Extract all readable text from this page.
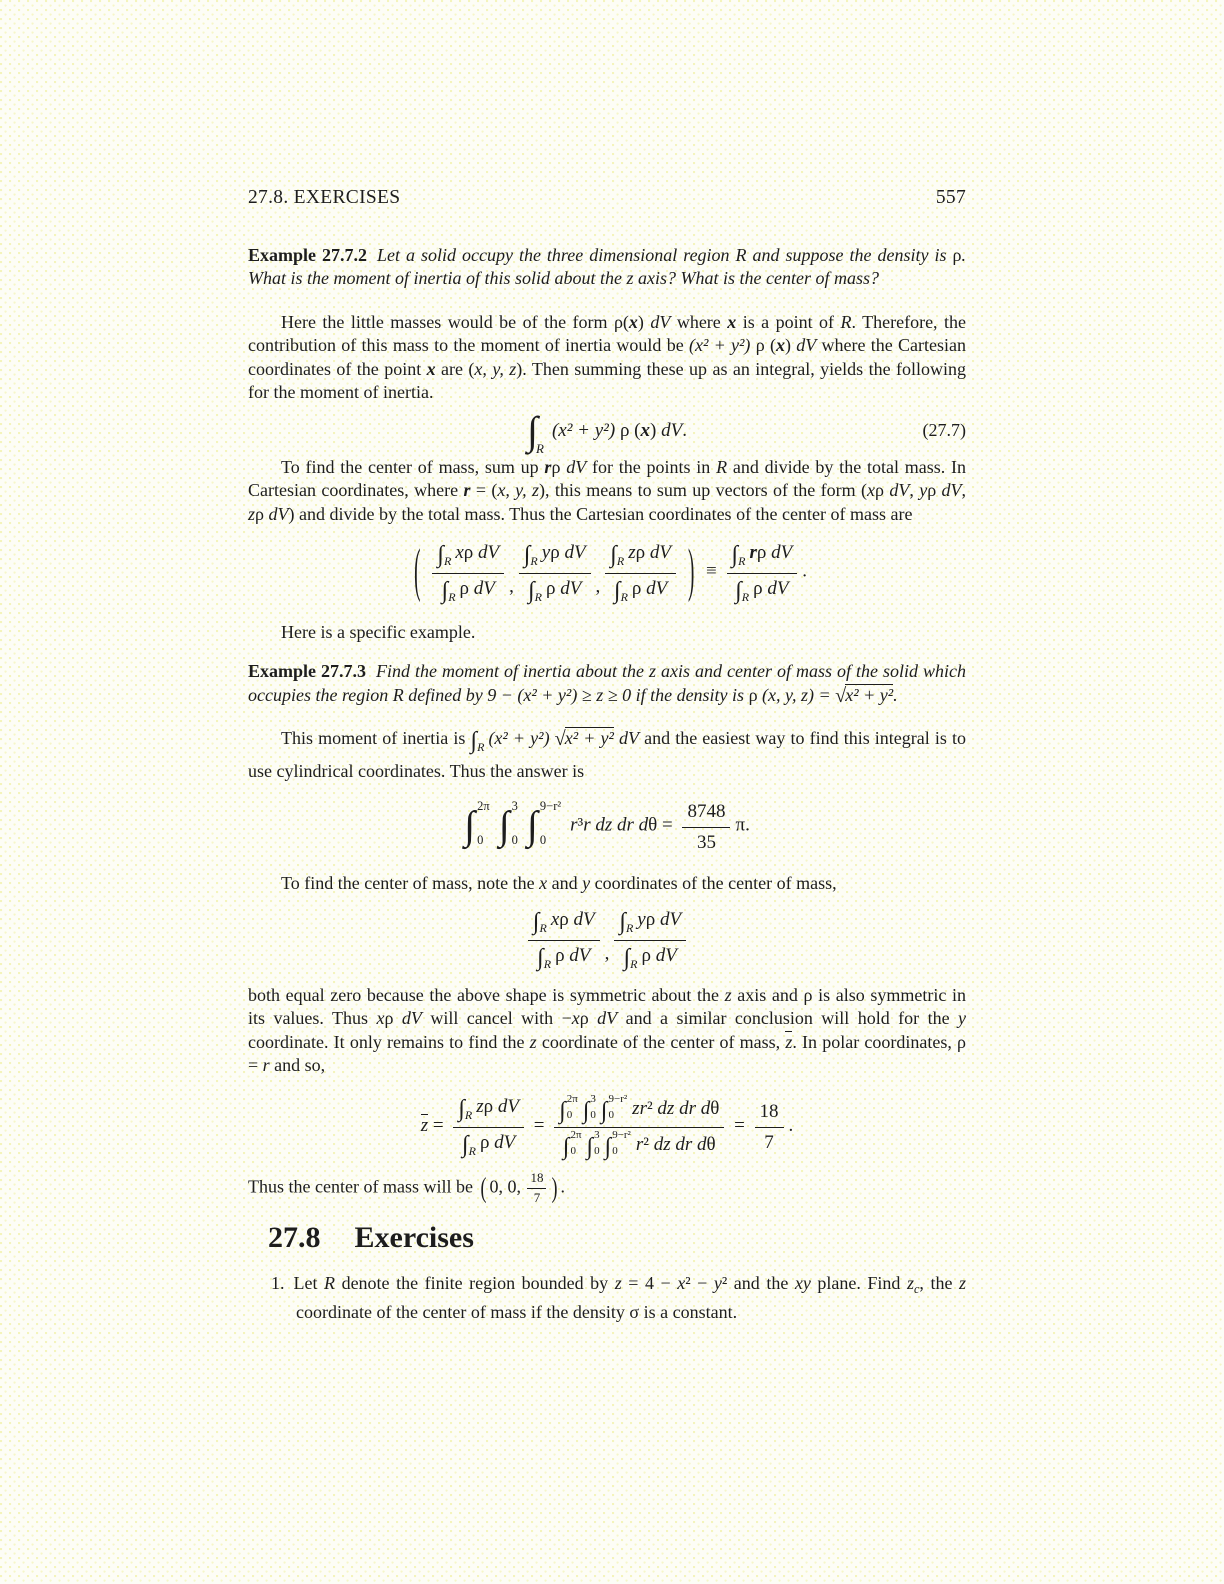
27.8. EXERCISES	557

Example 27.7.2 Let a solid occupy the three dimensional region R and suppose the density is ρ. What is the moment of inertia of this solid about the z axis? What is the center of mass?

Here the little masses would be of the form ρ(x) dV where x is a point of R. Therefore, the contribution of this mass to the moment of inertia would be (x² + y²) ρ (x) dV where the Cartesian coordinates of the point x are (x, y, z). Then summing these up as an integral, yields the following for the moment of inertia.

$\int_R(x^2 + y^2)$ ρ (x) dV.	(27.7)

To find the center of mass, sum up rρ dV for the points in R and divide by the total mass. In Cartesian coordinates, where r = (x, y, z), this means to sum up vectors of the form (xρ dV, yρ dV, zρ dV) and divide by the total mass. Thus the Cartesian coordinates of the center of mass are

( $\frac{\int_R x\rho dV}{\int_R \rho dV}$ , $\frac{\int_R y\rho dV}{\int_R \rho dV}$ , $\frac{\int_R z\rho dV}{\int_R \rho dV}$ ) ≡ $\frac{\int_R r\rho dV}{\int_R \rho dV}$ .

Here is a specific example.

Example 27.7.3 Find the moment of inertia about the z axis and center of mass of the solid which occupies the region R defined by 9 − (x² + y²) ≥ z ≥ 0 if the density is ρ (x, y, z) = √x² + y².

This moment of inertia is $\int_R$ (x² + y²) √x² + y² dV and the easiest way to find this integral is to use cylindrical coordinates. Thus the answer is

∫ 2π
0 ∫ 3
0 ∫ 9−r²
0
r³r dz dr $d\theta = \frac{8748}{35} \pi$.

To find the center of mass, note the x and y coordinates of the center of mass,

$\frac{\int_R x\rho dV}{\int_R \rho dV}$ , $\frac{\int_R y\rho dV}{\int_R \rho dV}$

both equal zero because the above shape is symmetric about the z axis and ρ is also symmetric in its values. Thus xρ dV will cancel with −xρ dV and a similar conclusion will hold for the y coordinate. It only remains to find the z coordinate of the center of mass, z. In polar coordinates, ρ = r and so,

$z = \frac{\int_R z\rho dV}{\int_R \rho dV}$ = ∫ 2π
0 ∫ 3
0 ∫ 9−r²
0 zr² dz dr dθ
∫ 2π
0 ∫ 3
0 ∫ 9−r²
0 r² dz dr $d\theta = \frac{18}{7}$ .

Thus the center of mass will be ( 0, 0, $\frac{18}{7}$ ) .

27.8 Exercises

1. Let R denote the finite region bounded by z = 4 − x² − y² and the xy plane. Find $z_c$, the z coordinate of the center of mass if the density σ is a constant.
